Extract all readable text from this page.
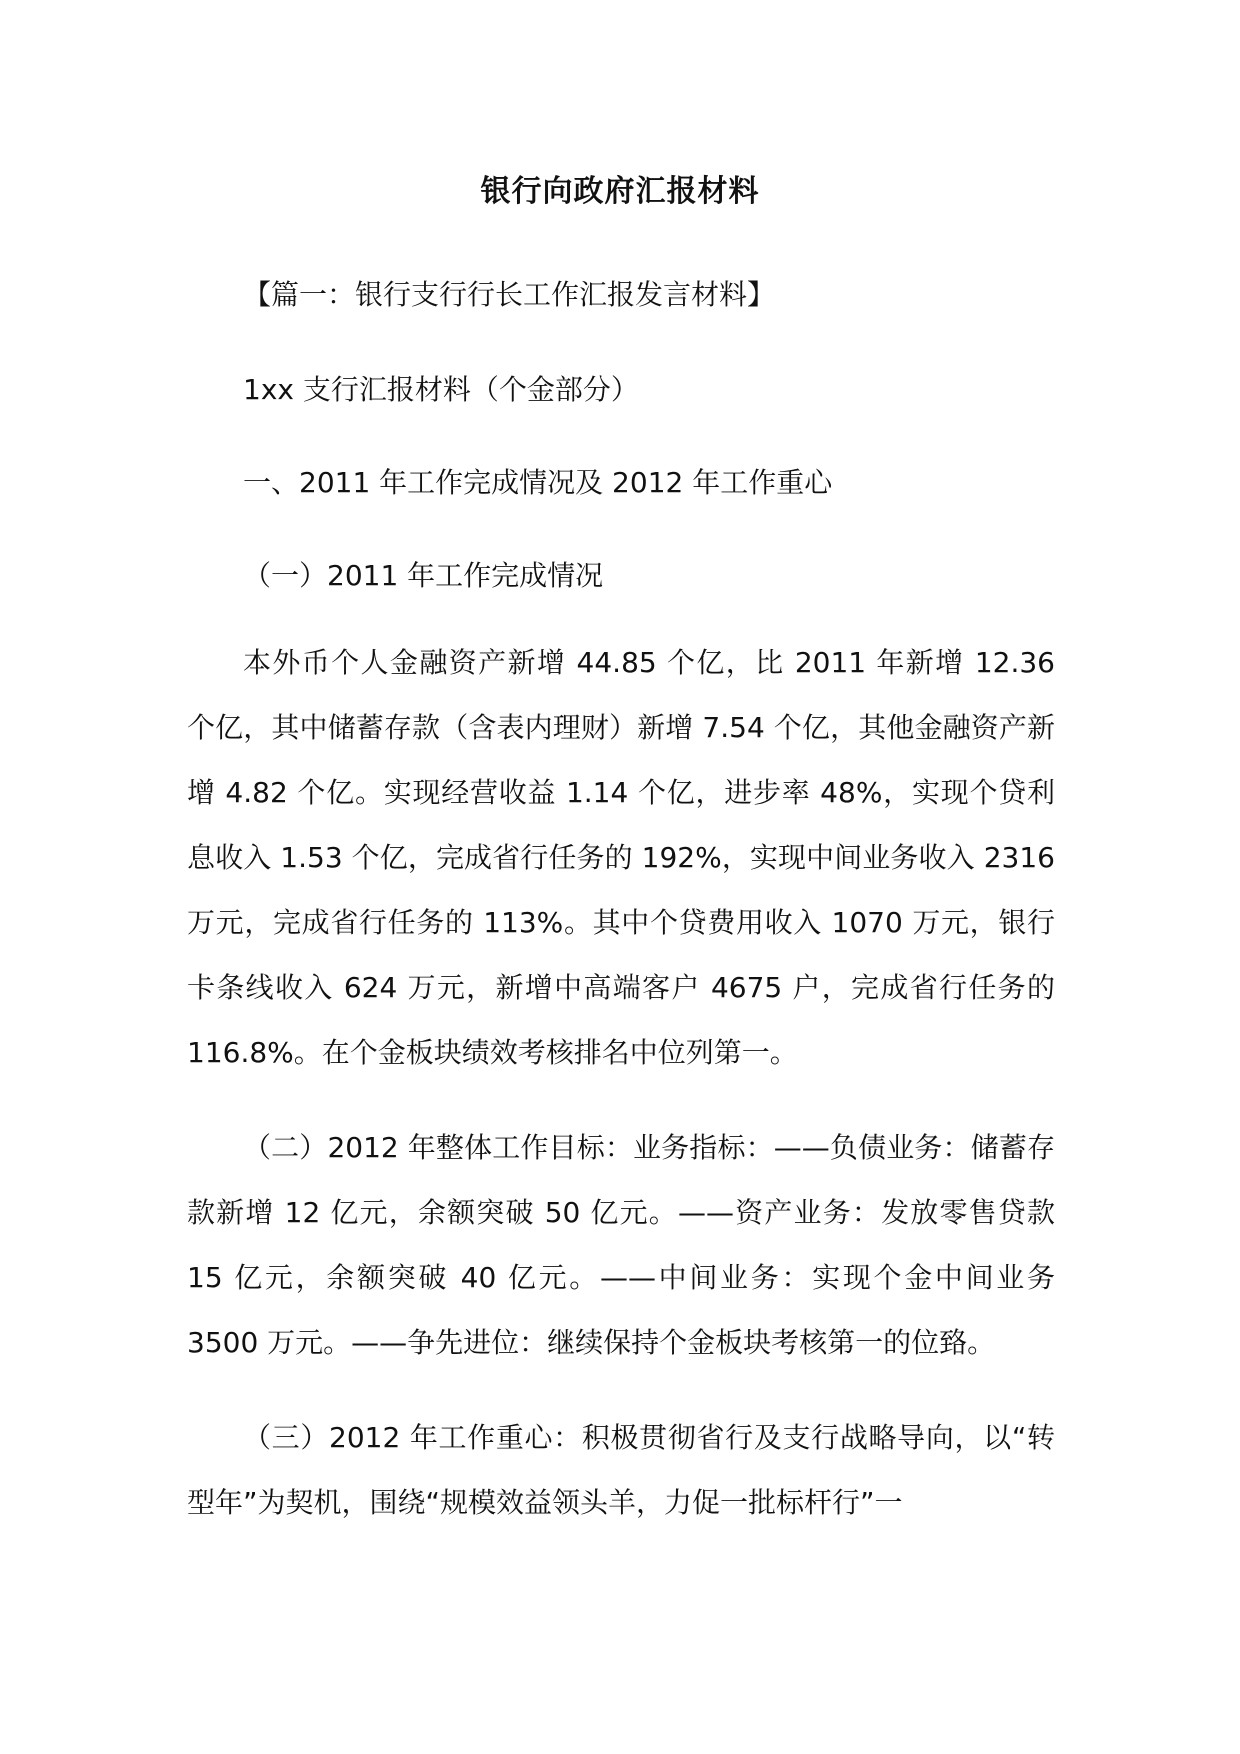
银行向政府汇报材料

【篇一：银行支行行长工作汇报发言材料】

1xx 支行汇报材料（个金部分）

一、2011 年工作完成情况及 2012 年工作重心

（一）2011 年工作完成情况

本外币个人金融资产新增 44.85 个亿，比 2011 年新增 12.36 个亿，其中储蓄存款（含表内理财）新增 7.54 个亿，其他金融资产新增 4.82 个亿。实现经营收益 1.14 个亿，进步率 48%，实现个贷利息收入 1.53 个亿，完成省行任务的 192%，实现中间业务收入 2316 万元，完成省行任务的 113%。其中个贷费用收入 1070 万元，银行卡条线收入 624 万元，新增中高端客户 4675 户，完成省行任务的 116.8%。在个金板块绩效考核排名中位列第一。

（二）2012 年整体工作目标：业务指标：——负债业务：储蓄存款新增 12 亿元，余额突破 50 亿元。——资产业务：发放零售贷款 15 亿元，余额突破 40 亿元。——中间业务：实现个金中间业务 3500 万元。——争先进位：继续保持个金板块考核第一的位臵。

（三）2012 年工作重心：积极贯彻省行及支行战略导向，以“转型年”为契机，围绕“规模效益领头羊，力促一批标杆行”一
